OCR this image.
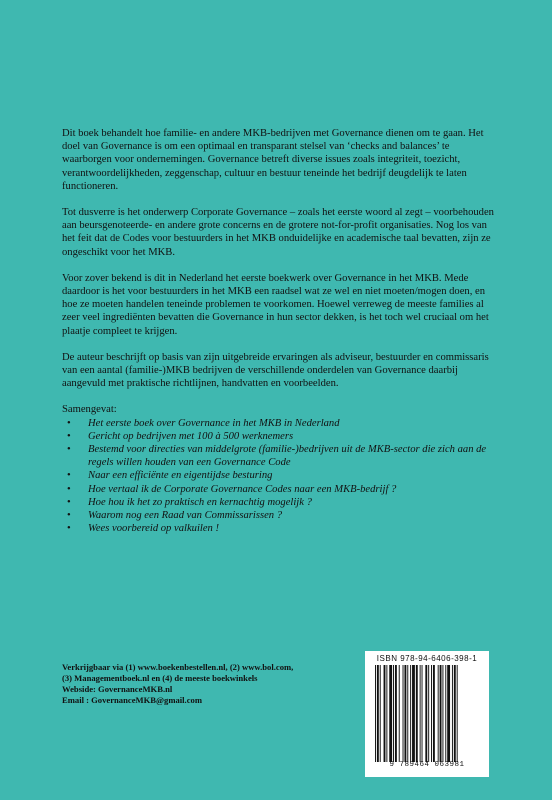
Dit boek behandelt hoe familie- en andere MKB-bedrijven met Governance dienen om te gaan. Het doel van Governance is om een optimaal en transparant stelsel van ‘checks and balances’ te waarborgen voor ondernemingen. Governance betreft diverse issues zoals integriteit, toezicht, verantwoordelijkheden, zeggenschap, cultuur en bestuur teneinde het bedrijf deugdelijk te laten functioneren.

Tot dusverre is het onderwerp Corporate Governance – zoals het eerste woord al zegt – voorbehouden aan beursgenoteerde- en andere grote concerns en de grotere not-for-profit organisaties. Nog los van het feit dat de Codes voor bestuurders in het MKB onduidelijke en academische taal bevatten, zijn ze ongeschikt voor het MKB.

Voor zover bekend is dit in Nederland het eerste boekwerk over Governance in het MKB. Mede daardoor is het voor bestuurders in het MKB een raadsel wat ze wel en niet moeten/mogen doen, en hoe ze moeten handelen teneinde problemen te voorkomen. Hoewel verreweg de meeste families al zeer veel ingrediënten bevatten die Governance in hun sector dekken, is het toch wel cruciaal om het plaatje compleet te krijgen.

De auteur beschrijft op basis van zijn uitgebreide ervaringen als adviseur, bestuurder en commissaris van een aantal (familie-)MKB bedrijven de verschillende onderdelen van Governance daarbij aangevuld met praktische richtlijnen, handvatten en voorbeelden.

Samengevat:

• Het eerste boek over Governance in het MKB in Nederland
• Gericht op bedrijven met 100 à 500 werknemers
• Bestemd voor directies van middelgrote (familie-)bedrijven uit de MKB-sector die zich aan de regels willen houden van een Governance Code
• Naar een efficiënte en eigentijdse besturing
• Hoe vertaal ik de Corporate Governance Codes naar een MKB-bedrijf ?
• Hoe hou ik het zo praktisch en kernachtig mogelijk ?
• Waarom nog een Raad van Commissarissen ?
• Wees voorbereid op valkuilen !
Verkrijgbaar via (1) www.boekenbestellen.nl, (2) www.bol.com,
(3) Managementboek.nl en (4) de meeste boekwinkels
Webside: GovernanceMKB.nl
Email : GovernanceMKB@gmail.com
ISBN 978-94-6406-398-1
9 789464 063981
